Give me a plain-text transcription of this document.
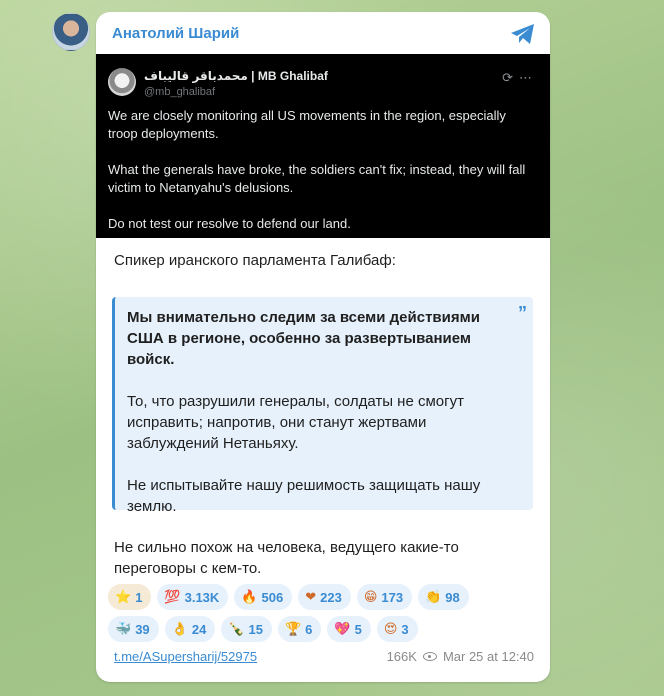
Анатолий Шарий
محمدباقر قالیباف | MB Ghalibaf
@mb_ghalibaf
⟳⋯

We are closely monitoring all US movements in the region, especially troop deployments.

What the generals have broke, the soldiers can't fix; instead, they will fall victim to Netanyahu's delusions.

Do not test our resolve to defend our land.

Спикер иранского парламента Галибаф:
”

Мы внимательно следим за всеми действиями США в регионе, особенно за развертыванием войск.

То, что разрушили генералы, солдаты не смогут исправить; напротив, они станут жертвами заблуждений Нетаньяху.

Не испытывайте нашу решимость защищать нашу землю.

Не сильно похож на человека, ведущего какие-то переговоры с кем-то.
⭐ 1 💯 3.13K 🔥 506 ❤ 223 😁 173 👏 98
🐳 39 👌 24 🍾 15 🏆 6 💖 5 😍 3
t.me/ASupersharij/52975	166K Mar 25 at 12:40
